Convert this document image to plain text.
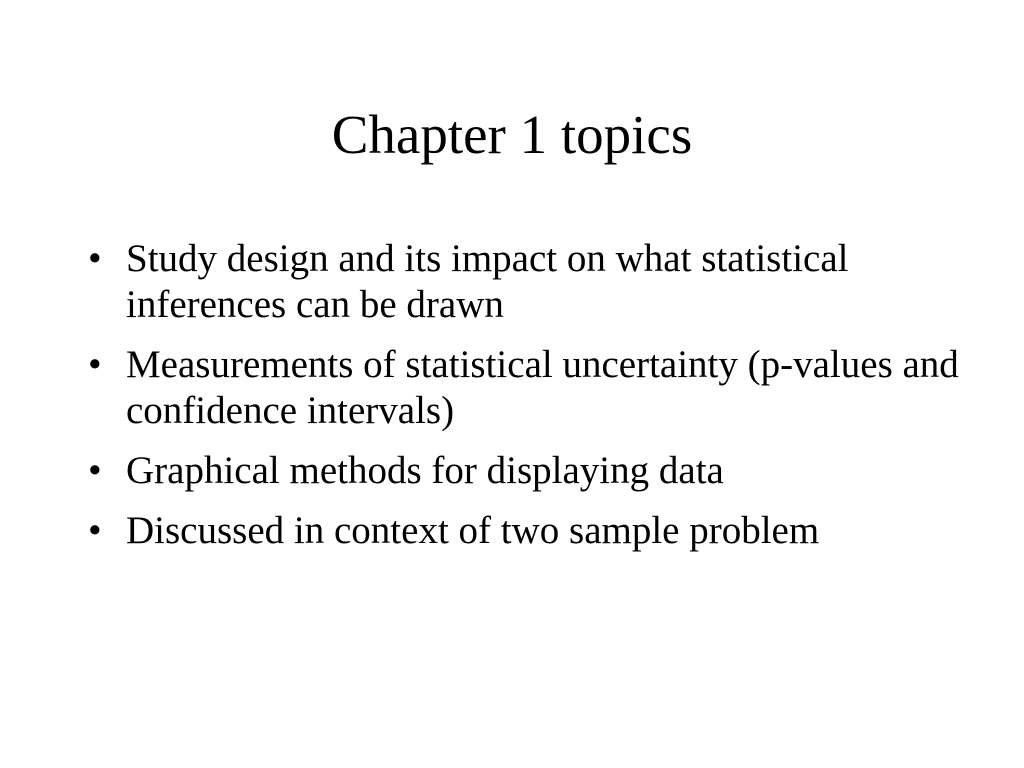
Chapter 1 topics
• Study design and its impact on what statistical inferences can be drawn
• Measurements of statistical uncertainty (p-values and confidence intervals)
• Graphical methods for displaying data
• Discussed in context of two sample problem
